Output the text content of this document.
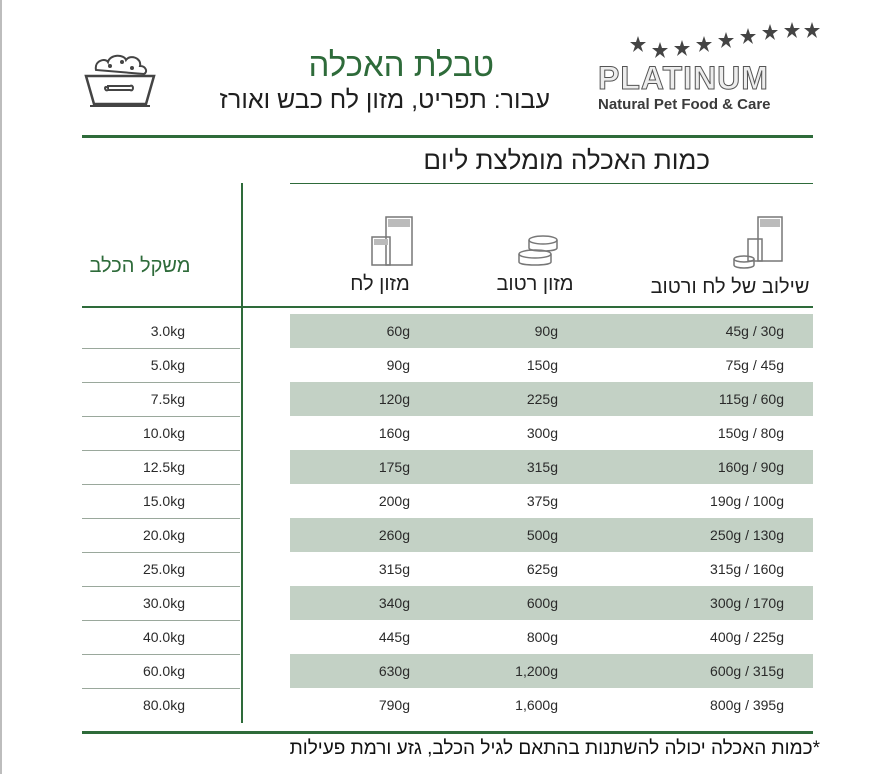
טבלת האכלה
עבור: תפריט, מזון לח כבש ואורז
PLATINUM
Natural Pet Food & Care
כמות האכלה מומלצת ליום
מזון לח	מזון רטוב	שילוב של לח ורטוב
משקל הכלב
3.0kg	60g	90g	45g / 30g
5.0kg	90g	150g	75g / 45g
7.5kg	120g	225g	115g / 60g
10.0kg	160g	300g	150g / 80g
12.5kg	175g	315g	160g / 90g
15.0kg	200g	375g	190g / 100g
20.0kg	260g	500g	250g / 130g
25.0kg	315g	625g	315g / 160g
30.0kg	340g	600g	300g / 170g
40.0kg	445g	800g	400g / 225g
60.0kg	630g	1,200g	600g / 315g
80.0kg	790g	1,600g	800g / 395g
*כמות האכלה יכולה להשתנות בהתאם לגיל הכלב, גזע ורמת פעילות
